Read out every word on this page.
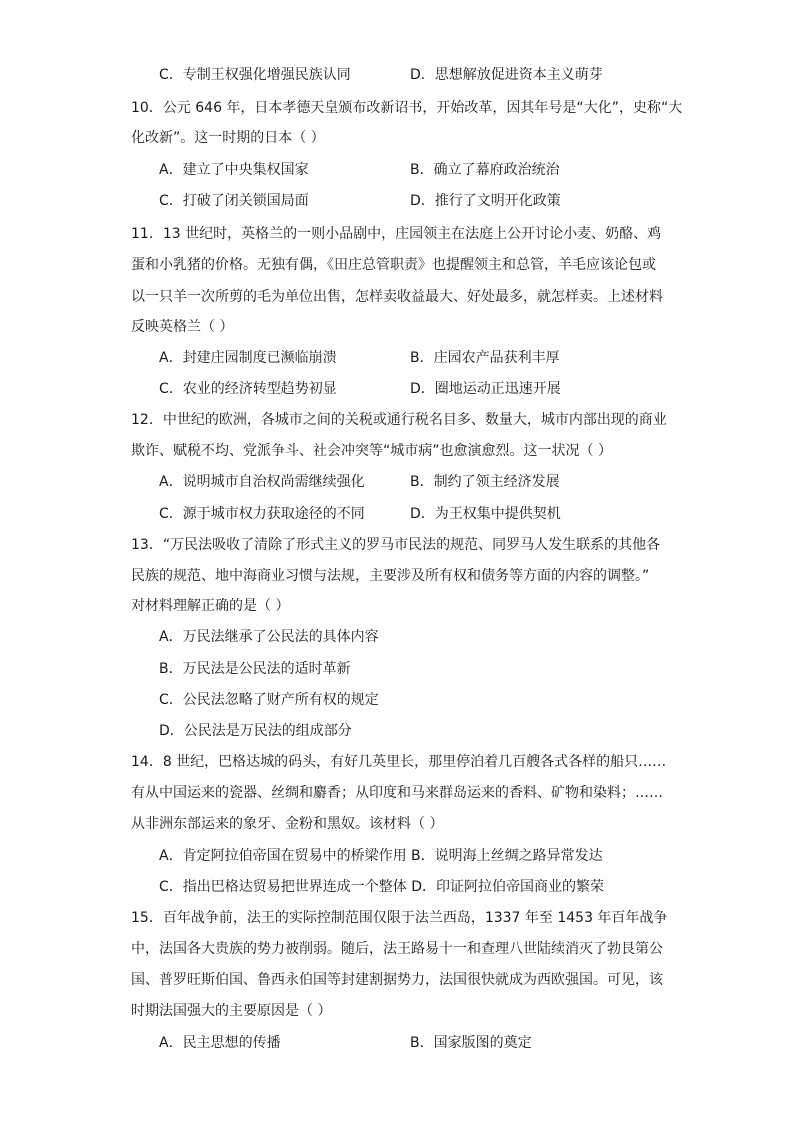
C．专制王权强化增强民族认同	D．思想解放促进资本主义萌芽
10．公元 646 年，日本孝德天皇颁布改新诏书，开始改革，因其年号是“大化”，史称“大
化改新”。这一时期的日本（ ）
A．建立了中央集权国家	B．确立了幕府政治统治
C．打破了闭关锁国局面	D．推行了文明开化政策
11．13 世纪时，英格兰的一则小品剧中，庄园领主在法庭上公开讨论小麦、奶酪、鸡
蛋和小乳猪的价格。无独有偶，《田庄总管职责》也提醒领主和总管，羊毛应该论包或
以一只羊一次所剪的毛为单位出售，怎样卖收益最大、好处最多，就怎样卖。上述材料
反映英格兰（ ）
A．封建庄园制度已濒临崩溃	B．庄园农产品获利丰厚
C．农业的经济转型趋势初显	D．圈地运动正迅速开展
12．中世纪的欧洲，各城市之间的关税或通行税名目多、数量大，城市内部出现的商业
欺诈、赋税不均、党派争斗、社会冲突等“城市病”也愈演愈烈。这一状况（ ）
A．说明城市自治权尚需继续强化	B．制约了领主经济发展
C．源于城市权力获取途径的不同	D．为王权集中提供契机
13．“万民法吸收了清除了形式主义的罗马市民法的规范、同罗马人发生联系的其他各
民族的规范、地中海商业习惯与法规，主要涉及所有权和债务等方面的内容的调整。”
对材料理解正确的是（ ）
A．万民法继承了公民法的具体内容
B．万民法是公民法的适时革新
C．公民法忽略了财产所有权的规定
D．公民法是万民法的组成部分
14．8 世纪，巴格达城的码头，有好几英里长，那里停泊着几百艘各式各样的船只……
有从中国运来的瓷器、丝绸和麝香；从印度和马来群岛运来的香料、矿物和染料；……
从非洲东部运来的象牙、金粉和黑奴。该材料（ ）
A．肯定阿拉伯帝国在贸易中的桥梁作用 B．说明海上丝绸之路异常发达
C．指出巴格达贸易把世界连成一个整体 D．印证阿拉伯帝国商业的繁荣
15．百年战争前，法王的实际控制范围仅限于法兰西岛，1337 年至 1453 年百年战争
中，法国各大贵族的势力被削弱。随后，法王路易十一和查理八世陆续消灭了勃艮第公
国、普罗旺斯伯国、鲁西永伯国等封建割据势力，法国很快就成为西欧强国。可见，该
时期法国强大的主要原因是（ ）
A．民主思想的传播	B．国家版图的奠定
